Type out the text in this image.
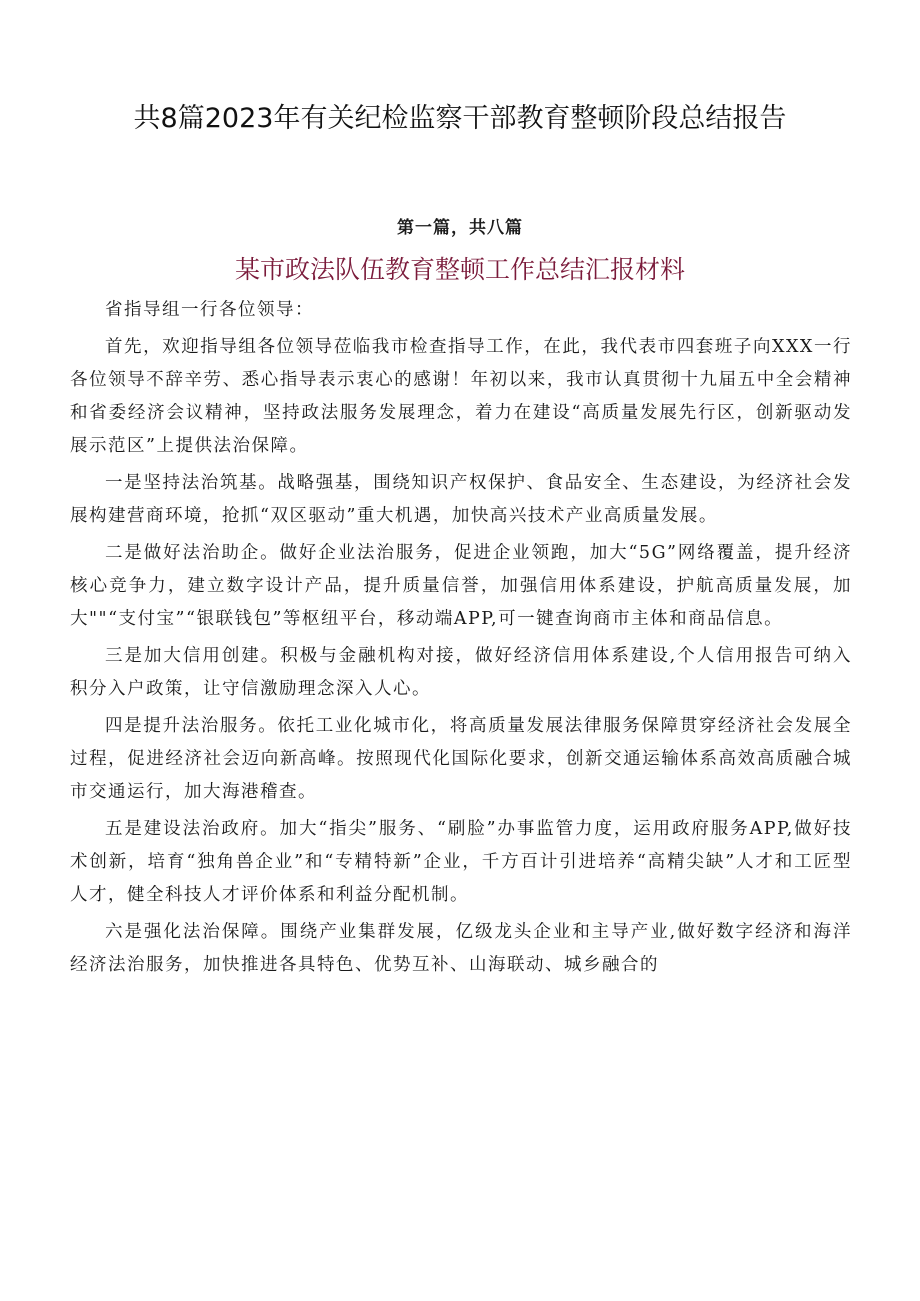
共8篇2023年有关纪检监察干部教育整顿阶段总结报告
第一篇，共八篇
某市政法队伍教育整顿工作总结汇报材料

省指导组一行各位领导：

首先，欢迎指导组各位领导莅临我市检查指导工作，在此，我代表市四套班子向XXX一行各位领导不辞辛劳、悉心指导表示衷心的感谢！年初以来，我市认真贯彻十九届五中全会精神和省委经济会议精神，坚持政法服务发展理念，着力在建设“高质量发展先行区，创新驱动发展示范区”上提供法治保障。

一是坚持法治筑基。战略强基，围绕知识产权保护、食品安全、生态建设，为经济社会发展构建营商环境，抢抓“双区驱动”重大机遇，加快高兴技术产业高质量发展。

二是做好法治助企。做好企业法治服务，促进企业领跑，加大“5G”网络覆盖，提升经济核心竞争力，建立数字设计产品，提升质量信誉，加强信用体系建设，护航高质量发展，加大""“支付宝”“银联钱包”等枢纽平台，移动端APP,可一键查询商市主体和商品信息。

三是加大信用创建。积极与金融机构对接，做好经济信用体系建设,个人信用报告可纳入积分入户政策，让守信激励理念深入人心。

四是提升法治服务。依托工业化城市化，将高质量发展法律服务保障贯穿经济社会发展全过程，促进经济社会迈向新高峰。按照现代化国际化要求，创新交通运输体系高效高质融合城市交通运行，加大海港稽查。

五是建设法治政府。加大“指尖”服务、“刷脸”办事监管力度，运用政府服务APP,做好技术创新，培育“独角兽企业”和“专精特新”企业，千方百计引进培养“高精尖缺”人才和工匠型人才，健全科技人才评价体系和利益分配机制。

六是强化法治保障。围绕产业集群发展，亿级龙头企业和主导产业,做好数字经济和海洋经济法治服务，加快推进各具特色、优势互补、山海联动、城乡融合的
